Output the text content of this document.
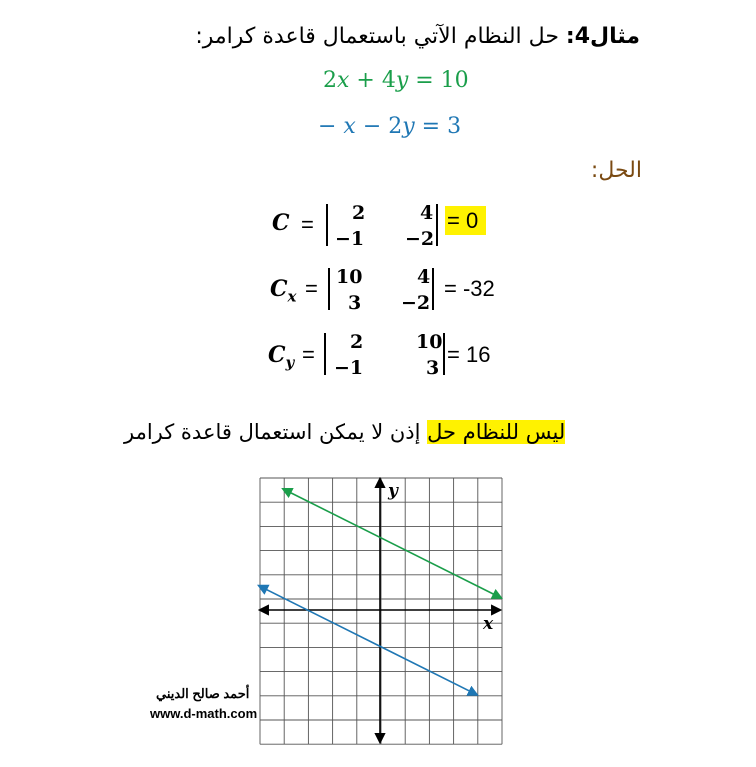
مثال4: حل النظام الآتي باستعمال قاعدة كرامر:
2𝑥 + 4𝑦 = 10
− 𝑥 − 2𝑦 = 3
الحل:
C = 2	4
−1 −2
= 0
$C_x = 10$	4
3 −2
= -32
$C_y = 2$	10
−1	3
= 16
ليس للنظام حل إذن لا يمكن استعمال قاعدة كرامر
x
y
أحمد صالح الديني
www.d-math.com
